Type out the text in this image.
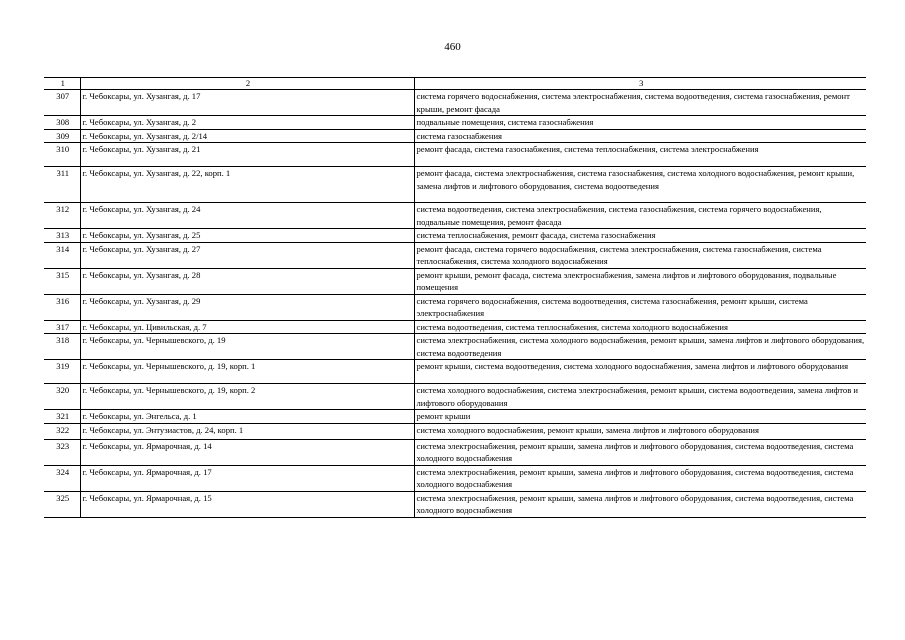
460
1	2	3
307	г. Чебоксары, ул. Хузангая, д. 17	система горячего водоснабжения, система электроснабжения, система водоотведения, система газоснабжения, ремонт крыши, ремонт фасада
308	г. Чебоксары, ул. Хузангая, д. 2	подвальные помещения, система газоснабжения
309	г. Чебоксары, ул. Хузангая, д. 2/14	система газоснабжения
310	г. Чебоксары, ул. Хузангая, д. 21	ремонт фасада, система газоснабжения, система теплоснабжения, система электроснабжения
311	г. Чебоксары, ул. Хузангая, д. 22, корп. 1	ремонт фасада, система электроснабжения, система газоснабжения, система холодного водоснабжения, ремонт крыши, замена лифтов и лифтового оборудования, система водоотведения
312	г. Чебоксары, ул. Хузангая, д. 24	система водоотведения, система электроснабжения, система газоснабжения, система горячего водоснабжения, подвальные помещения, ремонт фасада
313	г. Чебоксары, ул. Хузангая, д. 25	система теплоснабжения, ремонт фасада, система газоснабжения
314	г. Чебоксары, ул. Хузангая, д. 27	ремонт фасада, система горячего водоснабжения, система электроснабжения, система газоснабжения, система теплоснабжения, система холодного водоснабжения
315	г. Чебоксары, ул. Хузангая, д. 28	ремонт крыши, ремонт фасада, система электроснабжения, замена лифтов и лифтового оборудования, подвальные помещения
316	г. Чебоксары, ул. Хузангая, д. 29	система горячего водоснабжения, система водоотведения, система газоснабжения, ремонт крыши, система электроснабжения
317	г. Чебоксары, ул. Цивильская, д. 7	система водоотведения, система теплоснабжения, система холодного водоснабжения
318	г. Чебоксары, ул. Чернышевского, д. 19	система электроснабжения, система холодного водоснабжения, ремонт крыши, замена лифтов и лифтового оборудования, система водоотведения
319	г. Чебоксары, ул. Чернышевского, д. 19, корп. 1	ремонт крыши, система водоотведения, система холодного водоснабжения, замена лифтов и лифтового оборудования
320	г. Чебоксары, ул. Чернышевского, д. 19, корп. 2	система холодного водоснабжения, система электроснабжения, ремонт крыши, система водоотведения, замена лифтов и лифтового оборудования
321	г. Чебоксары, ул. Энгельса, д. 1	ремонт крыши
322	г. Чебоксары, ул. Энтузиастов, д. 24, корп. 1	система холодного водоснабжения, ремонт крыши, замена лифтов и лифтового оборудования
323	г. Чебоксары, ул. Ярмарочная, д. 14	система электроснабжения, ремонт крыши, замена лифтов и лифтового оборудования, система водоотведения, система холодного водоснабжения
324	г. Чебоксары, ул. Ярмарочная, д. 17	система электроснабжения, ремонт крыши, замена лифтов и лифтового оборудования, система водоотведения, система холодного водоснабжения
325	г. Чебоксары, ул. Ярмарочная, д. 15	система электроснабжения, ремонт крыши, замена лифтов и лифтового оборудования, система водоотведения, система холодного водоснабжения
